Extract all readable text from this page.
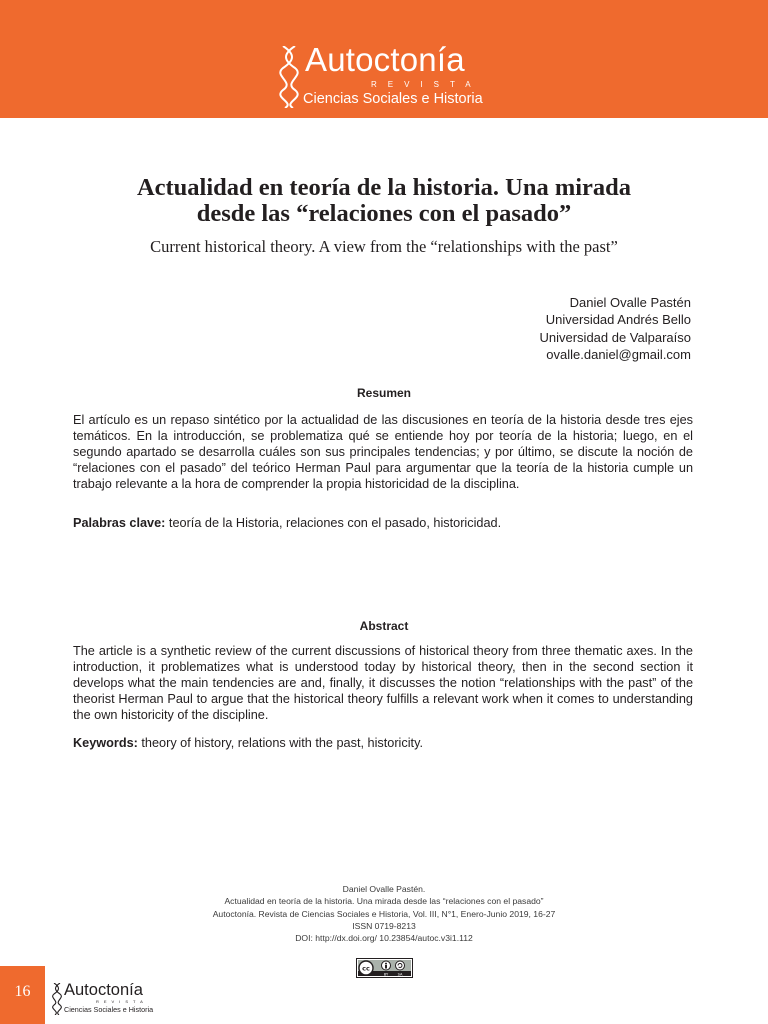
Autoctonía
REVISTA
Ciencias Sociales e Historia
Actualidad en teoría de la historia. Una mirada
desde las “relaciones con el pasado”

Current historical theory. A view from the “relationships with the past”

Daniel Ovalle Pastén
Universidad Andrés Bello
Universidad de Valparaíso
ovalle.daniel@gmail.com
Resumen

El artículo es un repaso sintético por la actualidad de las discusiones en teoría de la historia desde tres ejes temáticos. En la introducción, se problematiza qué se entiende hoy por teoría de la historia; luego, en el segundo apartado se desarrolla cuáles son sus principales tendencias; y por último, se discute la noción de “relaciones con el pasado” del teórico Herman Paul para argumentar que la teoría de la historia cumple un trabajo relevante a la hora de comprender la propia historicidad de la disciplina.

Palabras clave: teoría de la Historia, relaciones con el pasado, historicidad.

Abstract

The article is a synthetic review of the current discussions of historical theory from three thematic axes. In the introduction, it problematizes what is understood today by historical theory, then in the second section it develops what the main tendencies are and, finally, it discusses the notion “relationships with the past” of the theorist Herman Paul to argue that the historical theory fulfills a relevant work when it comes to understanding the own historicity of the discipline.

Keywords: theory of history, relations with the past, historicity.

Daniel Ovalle Pastén.
Actualidad en teoría de la historia. Una mirada desde las “relaciones con el pasado”
Autoctonía. Revista de Ciencias Sociales e Historia, Vol. III, N°1, Enero-Junio 2019, 16-27
ISSN 0719-8213
DOI: http://dx.doi.org/ 10.23854/autoc.v3i1.112
cc
BY	SA
16	Autoctonía
REVISTA
Ciencias Sociales e Historia
